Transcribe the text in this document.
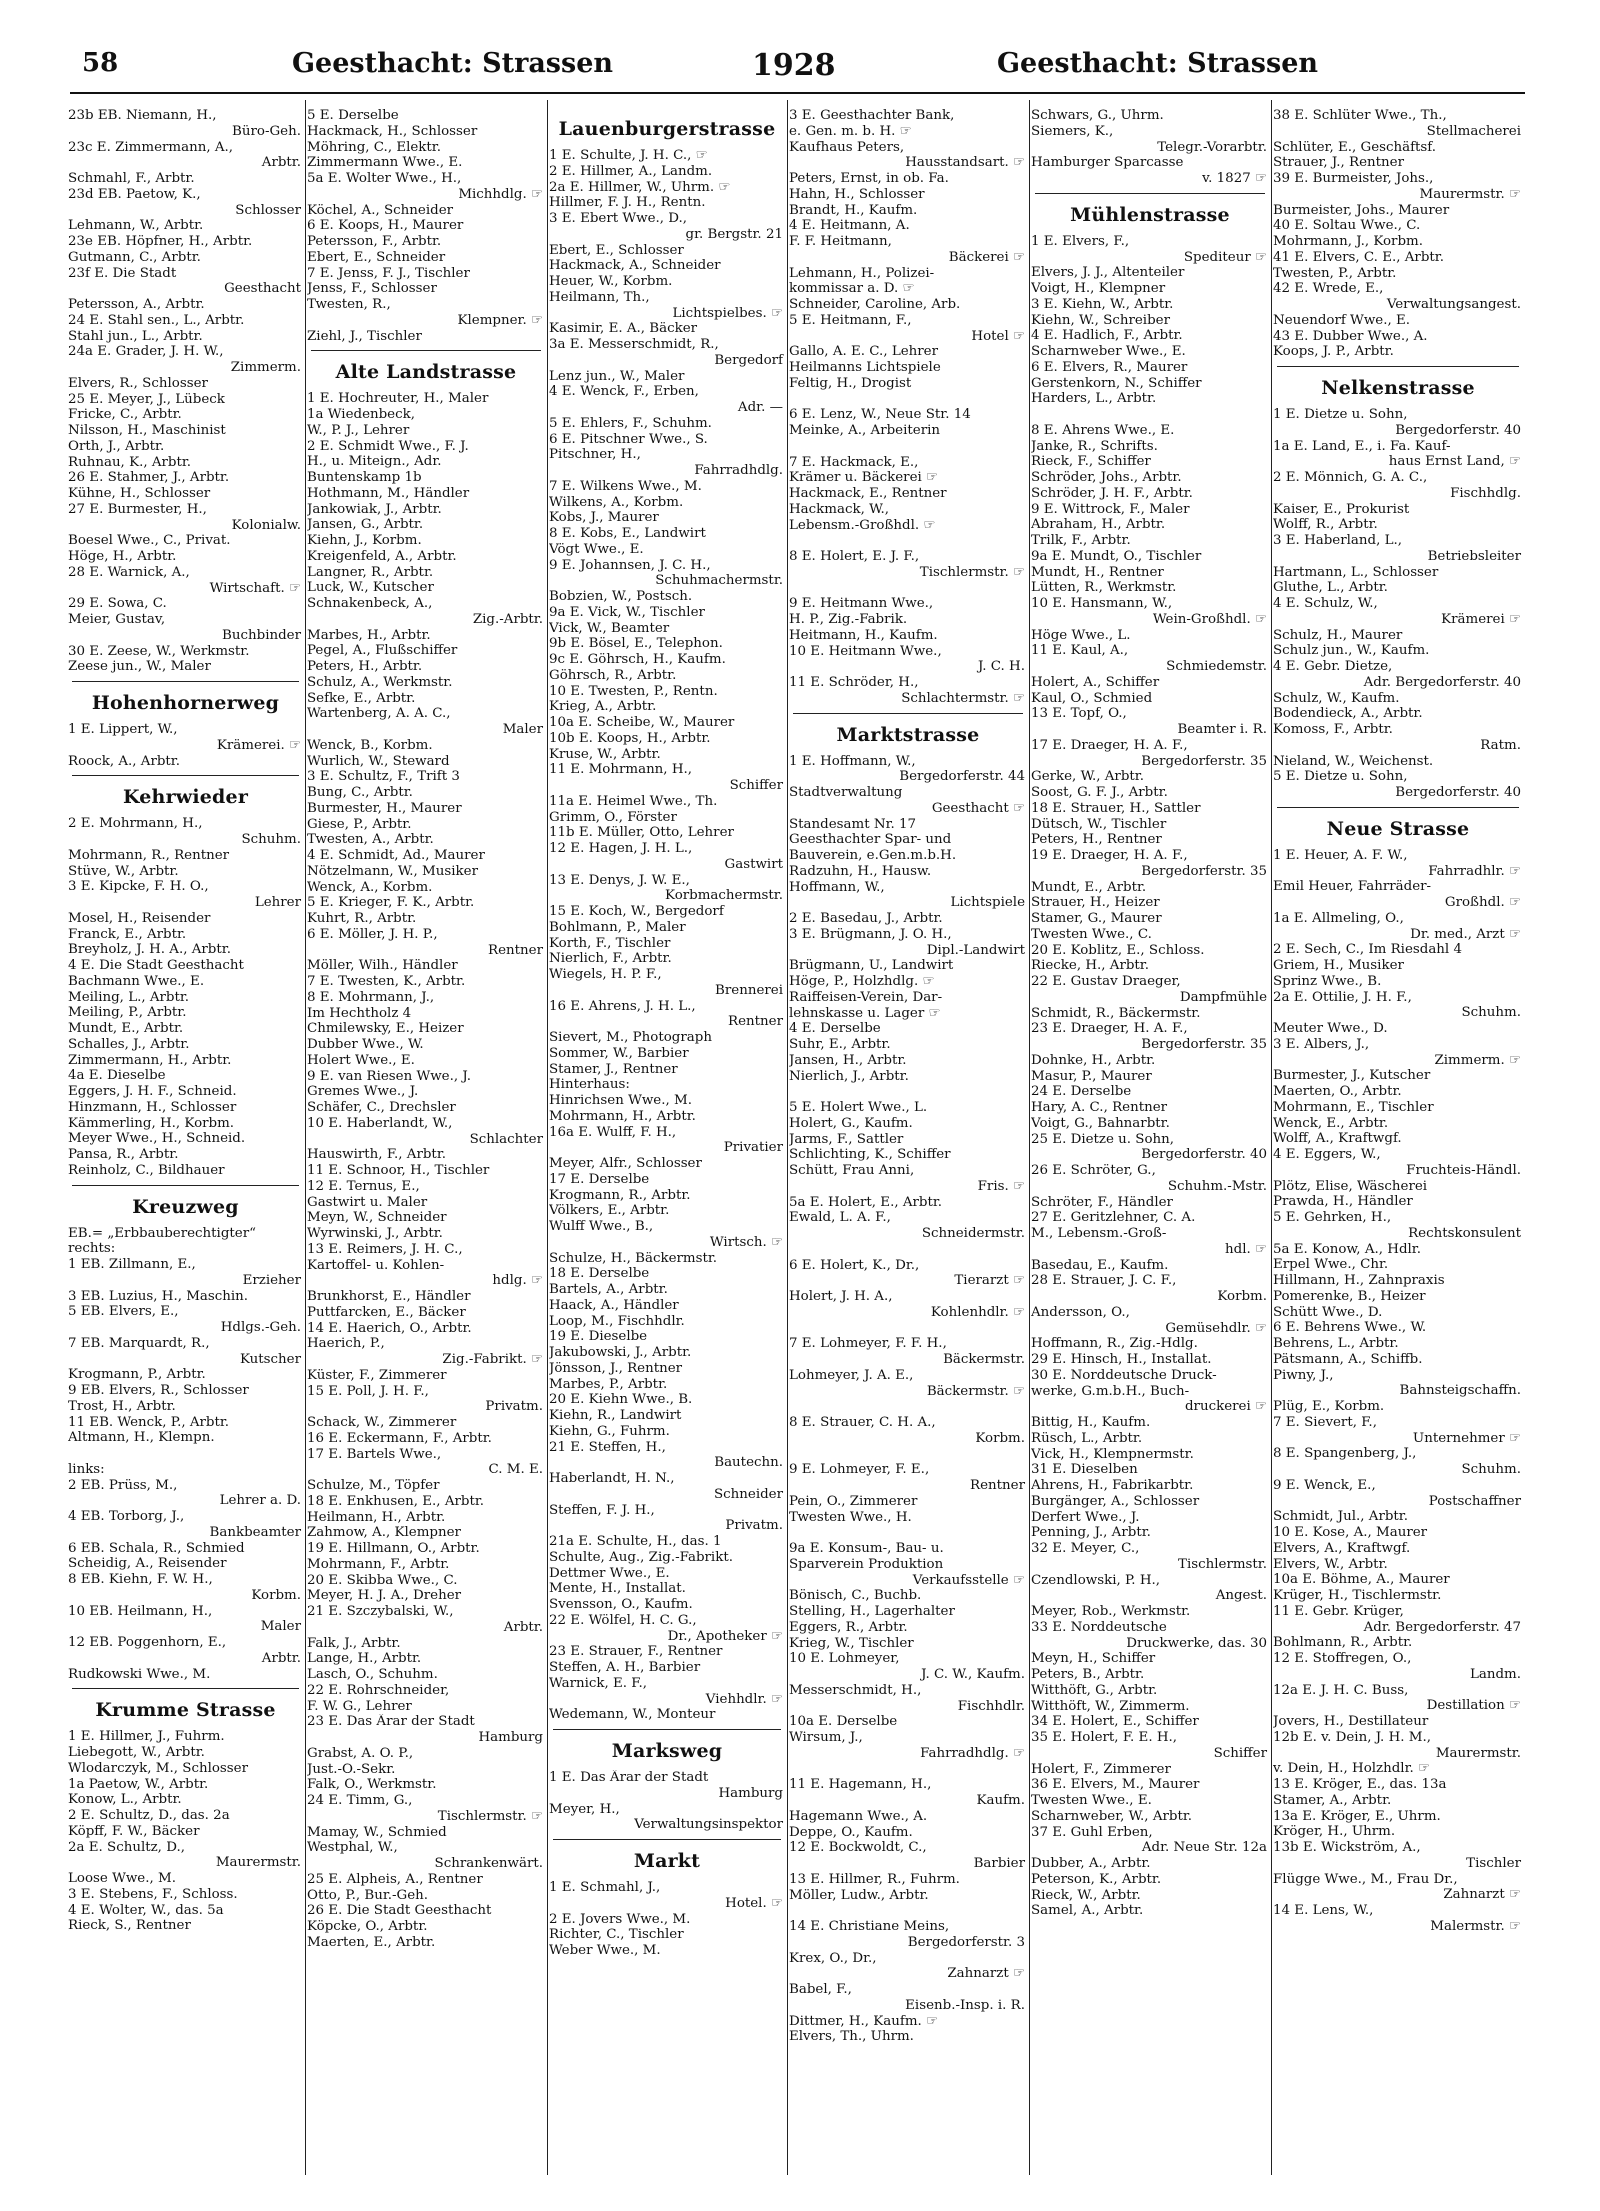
58	Geesthacht: Strassen	1928	Geesthacht: Strassen
23b EB. Niemann, H.,
Büro-Geh.
23c E. Zimmermann, A.,
Arbtr.
Schmahl, F., Arbtr.
23d EB. Paetow, K.,
Schlosser
Lehmann, W., Arbtr.
23e EB. Höpfner, H., Arbtr.
Gutmann, C., Arbtr.
23f E. Die Stadt
Geesthacht
Petersson, A., Arbtr.
24 E. Stahl sen., L., Arbtr.
Stahl jun., L., Arbtr.
24a E. Grader, J. H. W.,
Zimmerm.
Elvers, R., Schlosser
25 E. Meyer, J., Lübeck
Fricke, C., Arbtr.
Nilsson, H., Maschinist
Orth, J., Arbtr.
Ruhnau, K., Arbtr.
26 E. Stahmer, J., Arbtr.
Kühne, H., Schlosser
27 E. Burmester, H.,
Kolonialw.
Boesel Wwe., C., Privat.
Höge, H., Arbtr.
28 E. Warnick, A.,
Wirtschaft. ☞
29 E. Sowa, C.
Meier, Gustav,
Buchbinder
30 E. Zeese, W., Werkmstr.
Zeese jun., W., Maler
Hohenhornerweg
1 E. Lippert, W.,
Krämerei. ☞
Roock, A., Arbtr.
Kehrwieder
2 E. Mohrmann, H.,
Schuhm.
Mohrmann, R., Rentner
Stüve, W., Arbtr.
3 E. Kipcke, F. H. O.,
Lehrer
Mosel, H., Reisender
Franck, E., Arbtr.
Breyholz, J. H. A., Arbtr.
4 E. Die Stadt Geesthacht
Bachmann Wwe., E.
Meiling, L., Arbtr.
Meiling, P., Arbtr.
Mundt, E., Arbtr.
Schalles, J., Arbtr.
Zimmermann, H., Arbtr.
4a E. Dieselbe
Eggers, J. H. F., Schneid.
Hinzmann, H., Schlosser
Kämmerling, H., Korbm.
Meyer Wwe., H., Schneid.
Pansa, R., Arbtr.
Reinholz, C., Bildhauer
Kreuzweg
EB.= „Erbbauberechtigter“
rechts:
1 EB. Zillmann, E.,
Erzieher
3 EB. Luzius, H., Maschin.
5 EB. Elvers, E.,
Hdlgs.-Geh.
7 EB. Marquardt, R.,
Kutscher
Krogmann, P., Arbtr.
9 EB. Elvers, R., Schlosser
Trost, H., Arbtr.
11 EB. Wenck, P., Arbtr.
Altmann, H., Klempn.

links:
2 EB. Prüss, M.,
Lehrer a. D.
4 EB. Torborg, J.,
Bankbeamter
6 EB. Schala, R., Schmied
Scheidig, A., Reisender
8 EB. Kiehn, F. W. H.,
Korbm.
10 EB. Heilmann, H.,
Maler
12 EB. Poggenhorn, E.,
Arbtr.
Rudkowski Wwe., M.
Krumme Strasse
1 E. Hillmer, J., Fuhrm.
Liebegott, W., Arbtr.
Wlodarczyk, M., Schlosser
1a Paetow, W., Arbtr.
Konow, L., Arbtr.
2 E. Schultz, D., das. 2a
Köpff, F. W., Bäcker
2a E. Schultz, D.,
Maurermstr.
Loose Wwe., M.
3 E. Stebens, F., Schloss.
4 E. Wolter, W., das. 5a
Rieck, S., Rentner
5 E. Derselbe
Hackmack, H., Schlosser
Möhring, C., Elektr.
Zimmermann Wwe., E.
5a E. Wolter Wwe., H.,
Michhdlg. ☞
Köchel, A., Schneider
6 E. Koops, H., Maurer
Petersson, F., Arbtr.
Ebert, E., Schneider
7 E. Jenss, F. J., Tischler
Jenss, F., Schlosser
Twesten, R.,
Klempner. ☞
Ziehl, J., Tischler
Alte Landstrasse
1 E. Hochreuter, H., Maler
1a Wiedenbeck,
W., P. J., Lehrer
2 E. Schmidt Wwe., F. J.
H., u. Miteign., Adr.
Buntenskamp 1b
Hothmann, M., Händler
Jankowiak, J., Arbtr.
Jansen, G., Arbtr.
Kiehn, J., Korbm.
Kreigenfeld, A., Arbtr.
Langner, R., Arbtr.
Luck, W., Kutscher
Schnakenbeck, A.,
Zig.-Arbtr.
Marbes, H., Arbtr.
Pegel, A., Flußschiffer
Peters, H., Arbtr.
Schulz, A., Werkmstr.
Sefke, E., Arbtr.
Wartenberg, A. A. C.,
Maler
Wenck, B., Korbm.
Wurlich, W., Steward
3 E. Schultz, F., Trift 3
Bung, C., Arbtr.
Burmester, H., Maurer
Giese, P., Arbtr.
Twesten, A., Arbtr.
4 E. Schmidt, Ad., Maurer
Nötzelmann, W., Musiker
Wenck, A., Korbm.
5 E. Krieger, F. K., Arbtr.
Kuhrt, R., Arbtr.
6 E. Möller, J. H. P.,
Rentner
Möller, Wilh., Händler
7 E. Twesten, K., Arbtr.
8 E. Mohrmann, J.,
Im Hechtholz 4
Chmilewsky, E., Heizer
Dubber Wwe., W.
Holert Wwe., E.
9 E. van Riesen Wwe., J.
Gremes Wwe., J.
Schäfer, C., Drechsler
10 E. Haberlandt, W.,
Schlachter
Hauswirth, F., Arbtr.
11 E. Schnoor, H., Tischler
12 E. Ternus, E.,
Gastwirt u. Maler
Meyn, W., Schneider
Wyrwinski, J., Arbtr.
13 E. Reimers, J. H. C.,
Kartoffel- u. Kohlen-
hdlg. ☞
Brunkhorst, E., Händler
Puttfarcken, E., Bäcker
14 E. Haerich, O., Arbtr.
Haerich, P.,
Zig.-Fabrikt. ☞
Küster, F., Zimmerer
15 E. Poll, J. H. F.,
Privatm.
Schack, W., Zimmerer
16 E. Eckermann, F., Arbtr.
17 E. Bartels Wwe.,
C. M. E.
Schulze, M., Töpfer
18 E. Enkhusen, E., Arbtr.
Heilmann, H., Arbtr.
Zahmow, A., Klempner
19 E. Hillmann, O., Arbtr.
Mohrmann, F., Arbtr.
20 E. Skibba Wwe., C.
Meyer, H. J. A., Dreher
21 E. Szczybalski, W.,
Arbtr.
Falk, J., Arbtr.
Lange, H., Arbtr.
Lasch, O., Schuhm.
22 E. Rohrschneider,
F. W. G., Lehrer
23 E. Das Ärar der Stadt
Hamburg
Grabst, A. O. P.,
Just.-O.-Sekr.
Falk, O., Werkmstr.
24 E. Timm, G.,
Tischlermstr. ☞
Mamay, W., Schmied
Westphal, W.,
Schrankenwärt.
25 E. Alpheis, A., Rentner
Otto, P., Bur.-Geh.
26 E. Die Stadt Geesthacht
Köpcke, O., Arbtr.
Maerten, E., Arbtr.
Lauenburgerstrasse
1 E. Schulte, J. H. C., ☞
2 E. Hillmer, A., Landm.
2a E. Hillmer, W., Uhrm. ☞
Hillmer, F. J. H., Rentn.
3 E. Ebert Wwe., D.,
gr. Bergstr. 21
Ebert, E., Schlosser
Hackmack, A., Schneider
Heuer, W., Korbm.
Heilmann, Th.,
Lichtspielbes. ☞
Kasimir, E. A., Bäcker
3a E. Messerschmidt, R.,
Bergedorf
Lenz jun., W., Maler
4 E. Wenck, F., Erben,
Adr. —
5 E. Ehlers, F., Schuhm.
6 E. Pitschner Wwe., S.
Pitschner, H.,
Fahrradhdlg.
7 E. Wilkens Wwe., M.
Wilkens, A., Korbm.
Kobs, J., Maurer
8 E. Kobs, E., Landwirt
Vögt Wwe., E.
9 E. Johannsen, J. C. H.,
Schuhmachermstr.
Bobzien, W., Postsch.
9a E. Vick, W., Tischler
Vick, W., Beamter
9b E. Bösel, E., Telephon.
9c E. Göhrsch, H., Kaufm.
Göhrsch, R., Arbtr.
10 E. Twesten, P., Rentn.
Krieg, A., Arbtr.
10a E. Scheibe, W., Maurer
10b E. Koops, H., Arbtr.
Kruse, W., Arbtr.
11 E. Mohrmann, H.,
Schiffer
11a E. Heimel Wwe., Th.
Grimm, O., Förster
11b E. Müller, Otto, Lehrer
12 E. Hagen, J. H. L.,
Gastwirt
13 E. Denys, J. W. E.,
Korbmachermstr.
15 E. Koch, W., Bergedorf
Bohlmann, P., Maler
Korth, F., Tischler
Nierlich, F., Arbtr.
Wiegels, H. P. F.,
Brennerei
16 E. Ahrens, J. H. L.,
Rentner
Sievert, M., Photograph
Sommer, W., Barbier
Stamer, J., Rentner
Hinterhaus:
Hinrichsen Wwe., M.
Mohrmann, H., Arbtr.
16a E. Wulff, F. H.,
Privatier
Meyer, Alfr., Schlosser
17 E. Derselbe
Krogmann, R., Arbtr.
Völkers, E., Arbtr.
Wulff Wwe., B.,
Wirtsch. ☞
Schulze, H., Bäckermstr.
18 E. Derselbe
Bartels, A., Arbtr.
Haack, A., Händler
Loop, M., Fischhdlr.
19 E. Dieselbe
Jakubowski, J., Arbtr.
Jönsson, J., Rentner
Marbes, P., Arbtr.
20 E. Kiehn Wwe., B.
Kiehn, R., Landwirt
Kiehn, G., Fuhrm.
21 E. Steffen, H.,
Bautechn.
Haberlandt, H. N.,
Schneider
Steffen, F. J. H.,
Privatm.
21a E. Schulte, H., das. 1
Schulte, Aug., Zig.-Fabrikt.
Dettmer Wwe., E.
Mente, H., Installat.
Svensson, O., Kaufm.
22 E. Wölfel, H. C. G.,
Dr., Apotheker ☞
23 E. Strauer, F., Rentner
Steffen, A. H., Barbier
Warnick, E. F.,
Viehhdlr. ☞
Wedemann, W., Monteur
Marksweg
1 E. Das Ärar der Stadt
Hamburg
Meyer, H.,
Verwaltungsinspektor
Markt
1 E. Schmahl, J.,
Hotel. ☞
2 E. Jovers Wwe., M.
Richter, C., Tischler
Weber Wwe., M.
3 E. Geesthachter Bank,
e. Gen. m. b. H. ☞
Kaufhaus Peters,
Hausstandsart. ☞
Peters, Ernst, in ob. Fa.
Hahn, H., Schlosser
Brandt, H., Kaufm.
4 E. Heitmann, A.
F. F. Heitmann,
Bäckerei ☞
Lehmann, H., Polizei-
kommissar a. D. ☞
Schneider, Caroline, Arb.
5 E. Heitmann, F.,
Hotel ☞
Gallo, A. E. C., Lehrer
Heilmanns Lichtspiele
Feltig, H., Drogist

6 E. Lenz, W., Neue Str. 14
Meinke, A., Arbeiterin

7 E. Hackmack, E.,
Krämer u. Bäckerei ☞
Hackmack, E., Rentner
Hackmack, W.,
Lebensm.-Großhdl. ☞

8 E. Holert, E. J. F.,
Tischlermstr. ☞

9 E. Heitmann Wwe.,
H. P., Zig.-Fabrik.
Heitmann, H., Kaufm.
10 E. Heitmann Wwe.,
J. C. H.
11 E. Schröder, H.,
Schlachtermstr. ☞
Marktstrasse
1 E. Hoffmann, W.,
Bergedorferstr. 44
Stadtverwaltung
Geesthacht ☞
Standesamt Nr. 17
Geesthachter Spar- und
Bauverein, e.Gen.m.b.H.
Radzuhn, H., Hausw.
Hoffmann, W.,
Lichtspiele
2 E. Basedau, J., Arbtr.
3 E. Brügmann, J. O. H.,
Dipl.-Landwirt
Brügmann, U., Landwirt
Höge, P., Holzhdlg. ☞
Raiffeisen-Verein, Dar-
lehnskasse u. Lager ☞
4 E. Derselbe
Suhr, E., Arbtr.
Jansen, H., Arbtr.
Nierlich, J., Arbtr.

5 E. Holert Wwe., L.
Holert, G., Kaufm.
Jarms, F., Sattler
Schlichting, K., Schiffer
Schütt, Frau Anni,
Fris. ☞
5a E. Holert, E., Arbtr.
Ewald, L. A. F.,
Schneidermstr.

6 E. Holert, K., Dr.,
Tierarzt ☞
Holert, J. H. A.,
Kohlenhdlr. ☞

7 E. Lohmeyer, F. F. H.,
Bäckermstr.
Lohmeyer, J. A. E.,
Bäckermstr. ☞

8 E. Strauer, C. H. A.,
Korbm.

9 E. Lohmeyer, F. E.,
Rentner
Pein, O., Zimmerer
Twesten Wwe., H.

9a E. Konsum-, Bau- u.
Sparverein Produktion
Verkaufsstelle ☞
Bönisch, C., Buchb.
Stelling, H., Lagerhalter
Eggers, R., Arbtr.
Krieg, W., Tischler
10 E. Lohmeyer,
J. C. W., Kaufm.
Messerschmidt, H.,
Fischhdlr.
10a E. Derselbe
Wirsum, J.,
Fahrradhdlg. ☞

11 E. Hagemann, H.,
Kaufm.
Hagemann Wwe., A.
Deppe, O., Kaufm.
12 E. Bockwoldt, C.,
Barbier
13 E. Hillmer, R., Fuhrm.
Möller, Ludw., Arbtr.

14 E. Christiane Meins,
Bergedorferstr. 3
Krex, O., Dr.,
Zahnarzt ☞
Babel, F.,
Eisenb.-Insp. i. R.
Dittmer, H., Kaufm. ☞
Elvers, Th., Uhrm.
Schwars, G., Uhrm.
Siemers, K.,
Telegr.-Vorarbtr.
Hamburger Sparcasse
v. 1827 ☞
Mühlenstrasse
1 E. Elvers, F.,
Spediteur ☞
Elvers, J. J., Altenteiler
Voigt, H., Klempner
3 E. Kiehn, W., Arbtr.
Kiehn, W., Schreiber
4 E. Hadlich, F., Arbtr.
Scharnweber Wwe., E.
6 E. Elvers, R., Maurer
Gerstenkorn, N., Schiffer
Harders, L., Arbtr.

8 E. Ahrens Wwe., E.
Janke, R., Schrifts.
Rieck, F., Schiffer
Schröder, Johs., Arbtr.
Schröder, J. H. F., Arbtr.
9 E. Wittrock, F., Maler
Abraham, H., Arbtr.
Trilk, F., Arbtr.
9a E. Mundt, O., Tischler
Mundt, H., Rentner
Lütten, R., Werkmstr.
10 E. Hansmann, W.,
Wein-Großhdl. ☞
Höge Wwe., L.
11 E. Kaul, A.,
Schmiedemstr.
Holert, A., Schiffer
Kaul, O., Schmied
13 E. Topf, O.,
Beamter i. R.
17 E. Draeger, H. A. F.,
Bergedorferstr. 35
Gerke, W., Arbtr.
Soost, G. F. J., Arbtr.
18 E. Strauer, H., Sattler
Dütsch, W., Tischler
Peters, H., Rentner
19 E. Draeger, H. A. F.,
Bergedorferstr. 35
Mundt, E., Arbtr.
Strauer, H., Heizer
Stamer, G., Maurer
Twesten Wwe., C.
20 E. Koblitz, E., Schloss.
Riecke, H., Arbtr.
22 E. Gustav Draeger,
Dampfmühle
Schmidt, R., Bäckermstr.
23 E. Draeger, H. A. F.,
Bergedorferstr. 35
Dohnke, H., Arbtr.
Masur, P., Maurer
24 E. Derselbe
Hary, A. C., Rentner
Voigt, G., Bahnarbtr.
25 E. Dietze u. Sohn,
Bergedorferstr. 40
26 E. Schröter, G.,
Schuhm.-Mstr.
Schröter, F., Händler
27 E. Geritzlehner, C. A.
M., Lebensm.-Groß-
hdl. ☞
Basedau, E., Kaufm.
28 E. Strauer, J. C. F.,
Korbm.
Andersson, O.,
Gemüsehdlr. ☞
Hoffmann, R., Zig.-Hdlg.
29 E. Hinsch, H., Installat.
30 E. Norddeutsche Druck-
werke, G.m.b.H., Buch-
druckerei ☞
Bittig, H., Kaufm.
Rüsch, L., Arbtr.
Vick, H., Klempnermstr.
31 E. Dieselben
Ahrens, H., Fabrikarbtr.
Burgänger, A., Schlosser
Derfert Wwe., J.
Penning, J., Arbtr.
32 E. Meyer, C.,
Tischlermstr.
Czendlowski, P. H.,
Angest.
Meyer, Rob., Werkmstr.
33 E. Norddeutsche
Druckwerke, das. 30
Meyn, H., Schiffer
Peters, B., Arbtr.
Witthöft, G., Arbtr.
Witthöft, W., Zimmerm.
34 E. Holert, E., Schiffer
35 E. Holert, F. E. H.,
Schiffer
Holert, F., Zimmerer
36 E. Elvers, M., Maurer
Twesten Wwe., E.
Scharnweber, W., Arbtr.
37 E. Guhl Erben,
Adr. Neue Str. 12a
Dubber, A., Arbtr.
Peterson, K., Arbtr.
Rieck, W., Arbtr.
Samel, A., Arbtr.
38 E. Schlüter Wwe., Th.,
Stellmacherei
Schlüter, E., Geschäftsf.
Strauer, J., Rentner
39 E. Burmeister, Johs.,
Maurermstr. ☞
Burmeister, Johs., Maurer
40 E. Soltau Wwe., C.
Mohrmann, J., Korbm.
41 E. Elvers, C. E., Arbtr.
Twesten, P., Arbtr.
42 E. Wrede, E.,
Verwaltungsangest.
Neuendorf Wwe., E.
43 E. Dubber Wwe., A.
Koops, J. P., Arbtr.
Nelkenstrasse
1 E. Dietze u. Sohn,
Bergedorferstr. 40
1a E. Land, E., i. Fa. Kauf-
haus Ernst Land, ☞
2 E. Mönnich, G. A. C.,
Fischhdlg.
Kaiser, E., Prokurist
Wolff, R., Arbtr.
3 E. Haberland, L.,
Betriebsleiter
Hartmann, L., Schlosser
Gluthe, L., Arbtr.
4 E. Schulz, W.,
Krämerei ☞
Schulz, H., Maurer
Schulz jun., W., Kaufm.
4 E. Gebr. Dietze,
Adr. Bergedorferstr. 40
Schulz, W., Kaufm.
Bodendieck, A., Arbtr.
Komoss, F., Arbtr.
Ratm.
Nieland, W., Weichenst.
5 E. Dietze u. Sohn,
Bergedorferstr. 40
Neue Strasse
1 E. Heuer, A. F. W.,
Fahrradhlr. ☞
Emil Heuer, Fahrräder-
Großhdl. ☞
1a E. Allmeling, O.,
Dr. med., Arzt ☞
2 E. Sech, C., Im Riesdahl 4
Griem, H., Musiker
Sprinz Wwe., B.
2a E. Ottilie, J. H. F.,
Schuhm.
Meuter Wwe., D.
3 E. Albers, J.,
Zimmerm. ☞
Burmester, J., Kutscher
Maerten, O., Arbtr.
Mohrmann, E., Tischler
Wenck, E., Arbtr.
Wolff, A., Kraftwgf.
4 E. Eggers, W.,
Fruchteis-Händl.
Plötz, Elise, Wäscherei
Prawda, H., Händler
5 E. Gehrken, H.,
Rechtskonsulent
5a E. Konow, A., Hdlr.
Erpel Wwe., Chr.
Hillmann, H., Zahnpraxis
Pomerenke, B., Heizer
Schütt Wwe., D.
6 E. Behrens Wwe., W.
Behrens, L., Arbtr.
Pätsmann, A., Schiffb.
Piwny, J.,
Bahnsteigschaffn.
Plüg, E., Korbm.
7 E. Sievert, F.,
Unternehmer ☞
8 E. Spangenberg, J.,
Schuhm.
9 E. Wenck, E.,
Postschaffner
Schmidt, Jul., Arbtr.
10 E. Kose, A., Maurer
Elvers, A., Kraftwgf.
Elvers, W., Arbtr.
10a E. Böhme, A., Maurer
Krüger, H., Tischlermstr.
11 E. Gebr. Krüger,
Adr. Bergedorferstr. 47
Bohlmann, R., Arbtr.
12 E. Stoffregen, O.,
Landm.
12a E. J. H. C. Buss,
Destillation ☞
Jovers, H., Destillateur
12b E. v. Dein, J. H. M.,
Maurermstr.
v. Dein, H., Holzhdlr. ☞
13 E. Kröger, E., das. 13a
Stamer, A., Arbtr.
13a E. Kröger, E., Uhrm.
Kröger, H., Uhrm.
13b E. Wickström, A.,
Tischler
Flügge Wwe., M., Frau Dr.,
Zahnarzt ☞
14 E. Lens, W.,
Malermstr. ☞
